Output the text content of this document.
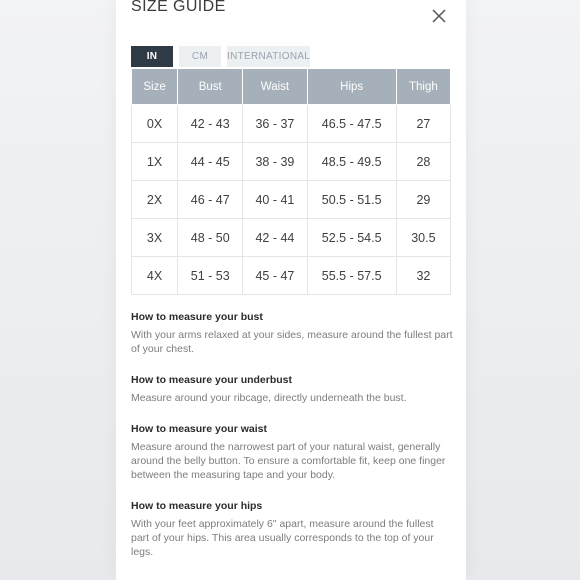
SIZE GUIDE
IN	CM	INTERNATIONAL
Size	Bust	Waist	Hips	Thigh
0X	42 - 43	36 - 37	46.5 - 47.5	27
1X	44 - 45	38 - 39	48.5 - 49.5	28
2X	46 - 47	40 - 41	50.5 - 51.5	29
3X	48 - 50	42 - 44	52.5 - 54.5	30.5
4X	51 - 53	45 - 47	55.5 - 57.5	32
How to measure your bust

With your arms relaxed at your sides, measure around the fullest part of your chest.

How to measure your underbust

Measure around your ribcage, directly underneath the bust.

How to measure your waist

Measure around the narrowest part of your natural waist, generally around the belly button. To ensure a comfortable fit, keep one finger between the measuring tape and your body.

How to measure your hips

With your feet approximately 6" apart, measure around the fullest part of your hips. This area usually corresponds to the top of your legs.
